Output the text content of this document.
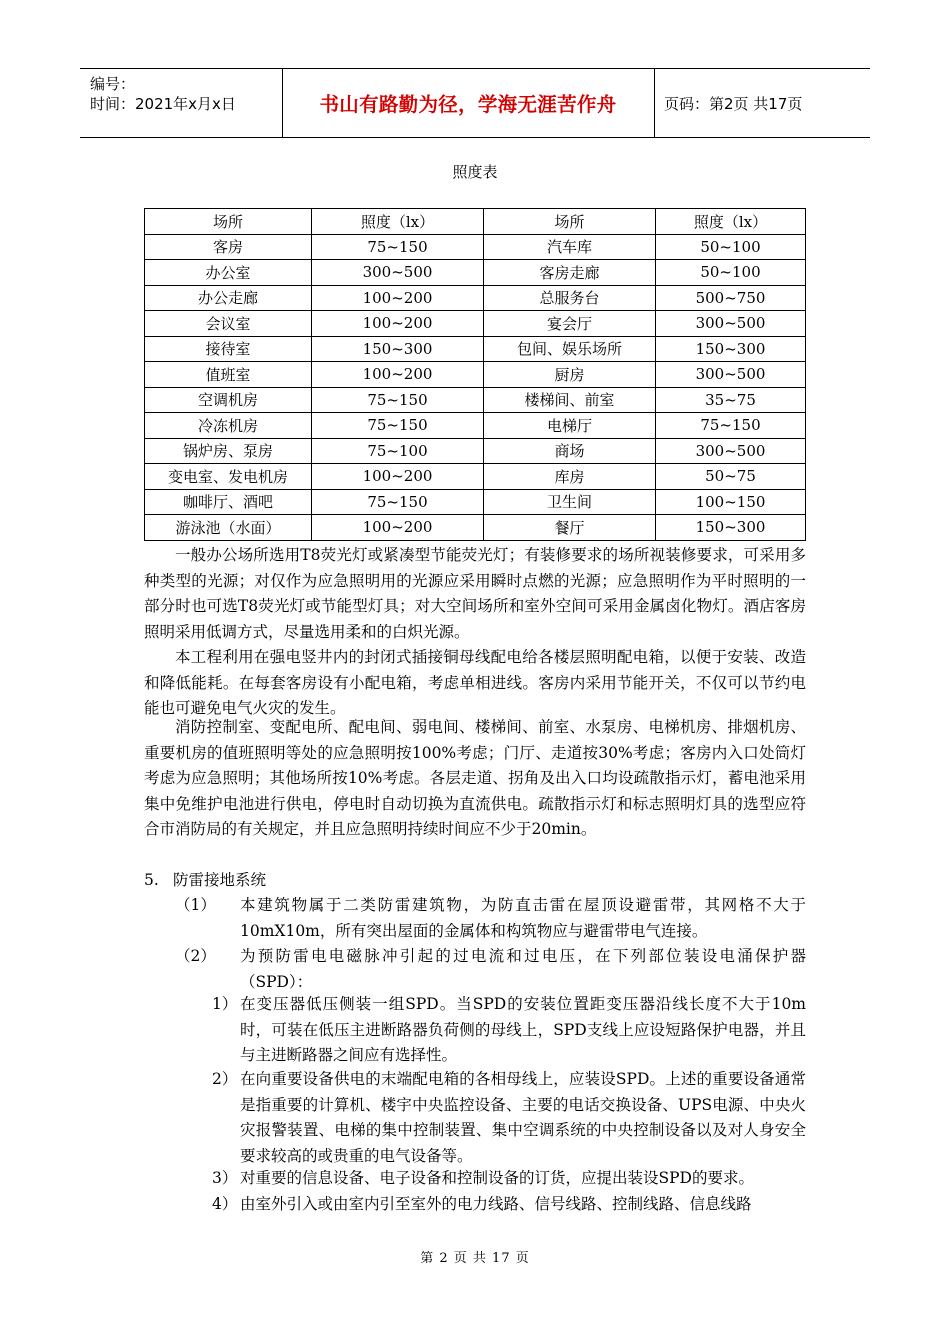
编号：
时间：2021年x月x日	书山有路勤为径，学海无涯苦作舟	页码：第2页 共17页
照度表
场所	照度（lx）	场所	照度（lx）
客房	75~150	汽车库	50~100
办公室	300~500	客房走廊	50~100
办公走廊	100~200	总服务台	500~750
会议室	100~200	宴会厅	300~500
接待室	150~300	包间、娱乐场所	150~300
值班室	100~200	厨房	300~500
空调机房	75~150	楼梯间、前室	35~75
冷冻机房	75~150	电梯厅	75~150
锅炉房、泵房	75~100	商场	300~500
变电室、发电机房	100~200	库房	50~75
咖啡厅、酒吧	75~150	卫生间	100~150
游泳池（水面）	100~200	餐厅	150~300

一般办公场所选用T8荧光灯或紧凑型节能荧光灯；有装修要求的场所视装修要求，可采用多种类型的光源；对仅作为应急照明用的光源应采用瞬时点燃的光源；应急照明作为平时照明的一部分时也可选T8荧光灯或节能型灯具；对大空间场所和室外空间可采用金属卤化物灯。酒店客房照明采用低调方式，尽量选用柔和的白炽光源。

本工程利用在强电竖井内的封闭式插接铜母线配电给各楼层照明配电箱，以便于安装、改造和降低能耗。在每套客房设有小配电箱，考虑单相进线。客房内采用节能开关，不仅可以节约电能也可避免电气火灾的发生。

消防控制室、变配电所、配电间、弱电间、楼梯间、前室、水泵房、电梯机房、排烟机房、重要机房的值班照明等处的应急照明按100%考虑；门厅、走道按30%考虑；客房内入口处筒灯考虑为应急照明；其他场所按10%考虑。各层走道、拐角及出入口均设疏散指示灯，蓄电池采用集中免维护电池进行供电，停电时自动切换为直流供电。疏散指示灯和标志照明灯具的选型应符合市消防局的有关规定，并且应急照明持续时间应不少于20min。

5. 防雷接地系统
（1） 本建筑物属于二类防雷建筑物，为防直击雷在屋顶设避雷带，其网格不大于10mX10m，所有突出屋面的金属体和构筑物应与避雷带电气连接。

（2） 为预防雷电电磁脉冲引起的过电流和过电压，在下列部位装设电涌保护器（SPD）：

1） 在变压器低压侧装一组SPD。当SPD的安装位置距变压器沿线长度不大于10m时，可装在低压主进断路器负荷侧的母线上，SPD支线上应设短路保护电器，并且与主进断路器之间应有选择性。

2） 在向重要设备供电的末端配电箱的各相母线上，应装设SPD。上述的重要设备通常是指重要的计算机、楼宇中央监控设备、主要的电话交换设备、UPS电源、中央火灾报警装置、电梯的集中控制装置、集中空调系统的中央控制设备以及对人身安全要求较高的或贵重的电气设备等。

3） 对重要的信息设备、电子设备和控制设备的订货，应提出装设SPD的要求。

4） 由室外引入或由室内引至室外的电力线路、信号线路、控制线路、信息线路

第 2 页 共 17 页
